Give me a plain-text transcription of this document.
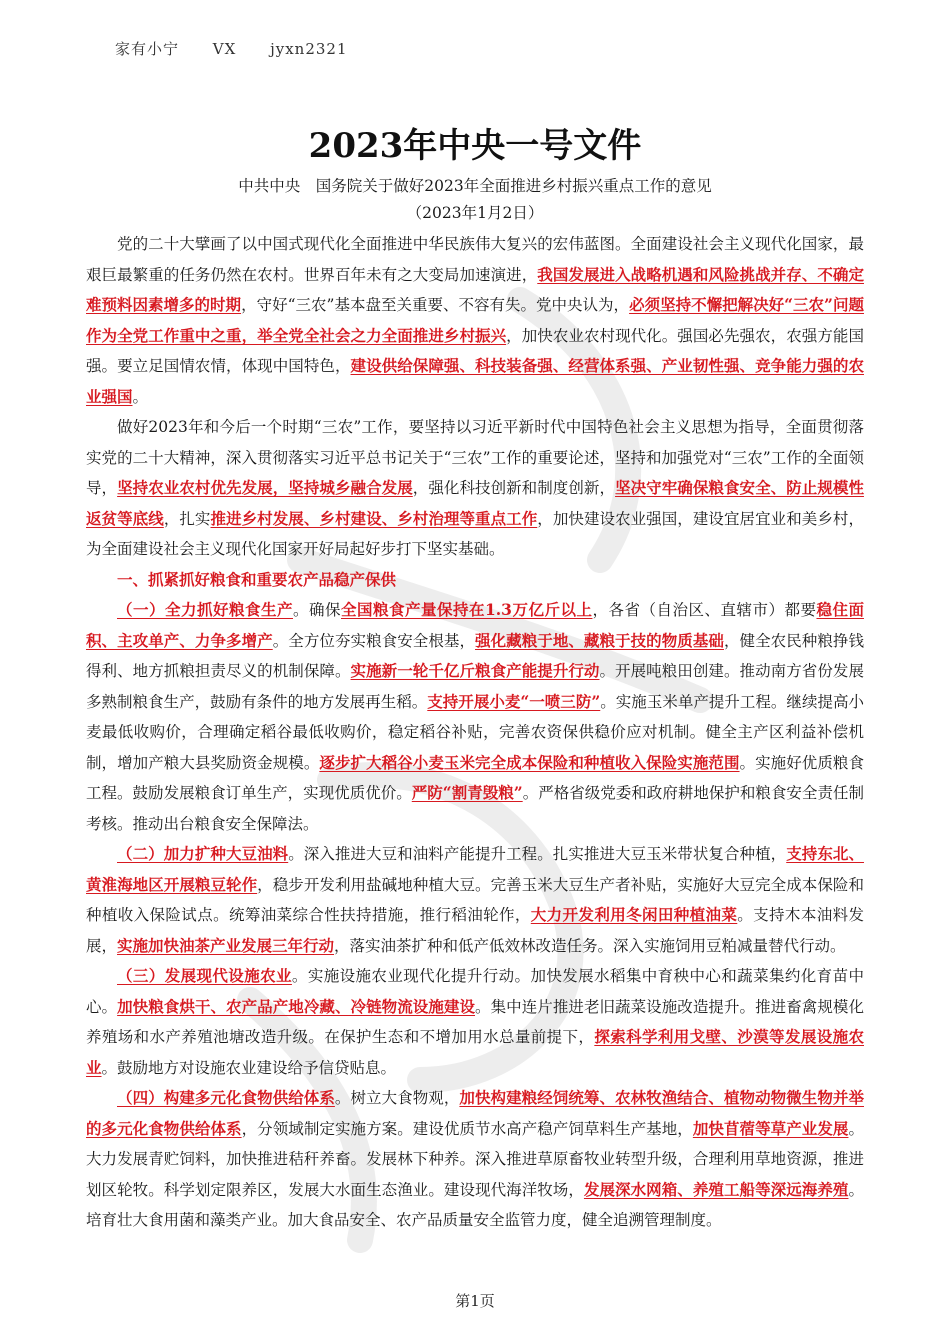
家有小宁 VX jyxn2321
2023年中央一号文件
中共中央　国务院关于做好2023年全面推进乡村振兴重点工作的意见
（2023年1月2日）

党的二十大擘画了以中国式现代化全面推进中华民族伟大复兴的宏伟蓝图。全面建设社会主义现代化国家，最艰巨最繁重的任务仍然在农村。世界百年未有之大变局加速演进，我国发展进入战略机遇和风险挑战并存、不确定难预料因素增多的时期，守好“三农”基本盘至关重要、不容有失。党中央认为，必须坚持不懈把解决好“三农”问题作为全党工作重中之重，举全党全社会之力全面推进乡村振兴，加快农业农村现代化。强国必先强农，农强方能国强。要立足国情农情，体现中国特色，建设供给保障强、科技装备强、经营体系强、产业韧性强、竞争能力强的农业强国。

做好2023年和今后一个时期“三农”工作，要坚持以习近平新时代中国特色社会主义思想为指导，全面贯彻落实党的二十大精神，深入贯彻落实习近平总书记关于“三农”工作的重要论述，坚持和加强党对“三农”工作的全面领导，坚持农业农村优先发展，坚持城乡融合发展，强化科技创新和制度创新，坚决守牢确保粮食安全、防止规模性返贫等底线，扎实推进乡村发展、乡村建设、乡村治理等重点工作，加快建设农业强国，建设宜居宜业和美乡村，为全面建设社会主义现代化国家开好局起好步打下坚实基础。

一、抓紧抓好粮食和重要农产品稳产保供

（一）全力抓好粮食生产。确保全国粮食产量保持在1.3万亿斤以上，各省（自治区、直辖市）都要稳住面积、主攻单产、力争多增产。全方位夯实粮食安全根基，强化藏粮于地、藏粮于技的物质基础，健全农民种粮挣钱得利、地方抓粮担责尽义的机制保障。实施新一轮千亿斤粮食产能提升行动。开展吨粮田创建。推动南方省份发展多熟制粮食生产，鼓励有条件的地方发展再生稻。支持开展小麦“一喷三防”。实施玉米单产提升工程。继续提高小麦最低收购价，合理确定稻谷最低收购价，稳定稻谷补贴，完善农资保供稳价应对机制。健全主产区利益补偿机制，增加产粮大县奖励资金规模。逐步扩大稻谷小麦玉米完全成本保险和种植收入保险实施范围。实施好优质粮食工程。鼓励发展粮食订单生产，实现优质优价。严防“割青毁粮”。严格省级党委和政府耕地保护和粮食安全责任制考核。推动出台粮食安全保障法。

（二）加力扩种大豆油料。深入推进大豆和油料产能提升工程。扎实推进大豆玉米带状复合种植，支持东北、黄淮海地区开展粮豆轮作，稳步开发利用盐碱地种植大豆。完善玉米大豆生产者补贴，实施好大豆完全成本保险和种植收入保险试点。统筹油菜综合性扶持措施，推行稻油轮作，大力开发利用冬闲田种植油菜。支持木本油料发展，实施加快油茶产业发展三年行动，落实油茶扩种和低产低效林改造任务。深入实施饲用豆粕减量替代行动。

（三）发展现代设施农业。实施设施农业现代化提升行动。加快发展水稻集中育秧中心和蔬菜集约化育苗中心。加快粮食烘干、农产品产地冷藏、冷链物流设施建设。集中连片推进老旧蔬菜设施改造提升。推进畜禽规模化养殖场和水产养殖池塘改造升级。在保护生态和不增加用水总量前提下，探索科学利用戈壁、沙漠等发展设施农业。鼓励地方对设施农业建设给予信贷贴息。

（四）构建多元化食物供给体系。树立大食物观，加快构建粮经饲统筹、农林牧渔结合、植物动物微生物并举的多元化食物供给体系，分领域制定实施方案。建设优质节水高产稳产饲草料生产基地，加快苜蓿等草产业发展。大力发展青贮饲料，加快推进秸秆养畜。发展林下种养。深入推进草原畜牧业转型升级，合理利用草地资源，推进划区轮牧。科学划定限养区，发展大水面生态渔业。建设现代海洋牧场，发展深水网箱、养殖工船等深远海养殖。培育壮大食用菌和藻类产业。加大食品安全、农产品质量安全监管力度，健全追溯管理制度。

第1页
